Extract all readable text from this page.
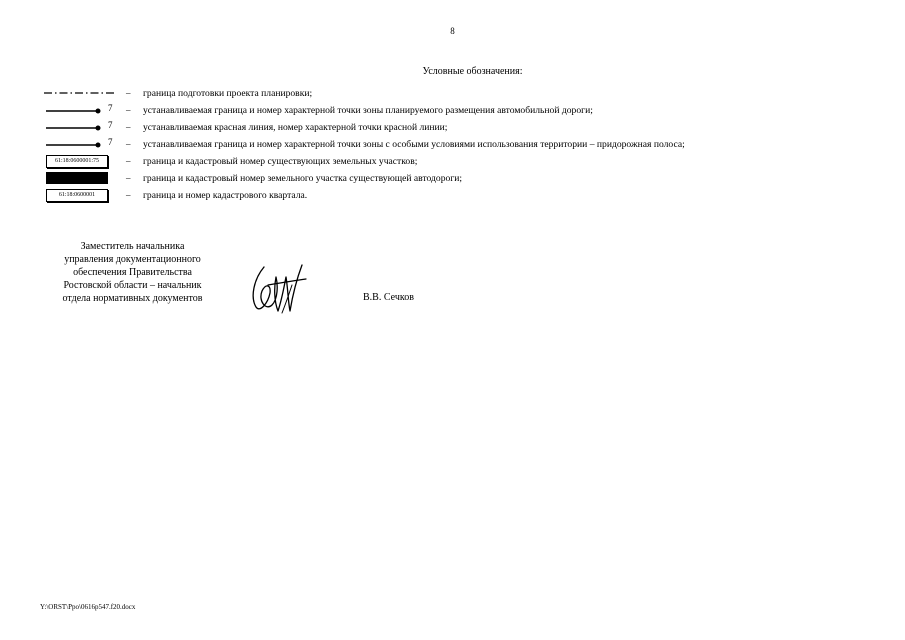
8
Условные обозначения:
– граница подготовки проекта планировки;
7 – устанавливаемая граница и номер характерной точки зоны планируемого размещения автомобильной дороги;
7 – устанавливаемая красная линия, номер характерной точки красной линии;
7 – устанавливаемая граница и номер характерной точки зоны с особыми условиями использования территории – придорожная полоса;
61:18:0600001:75	– граница и кадастровый номер существующих земельных участков;
– граница и кадастровый номер земельного участка существующей автодороги;
61:18:0600001	– граница и номер кадастрового квартала.
Заместитель начальника
управления документационного
обеспечения Правительства
Ростовской области – начальник
отдела нормативных документов	В.В. Сечков
Y:\ORST\Ppo\0616p547.f20.docx
